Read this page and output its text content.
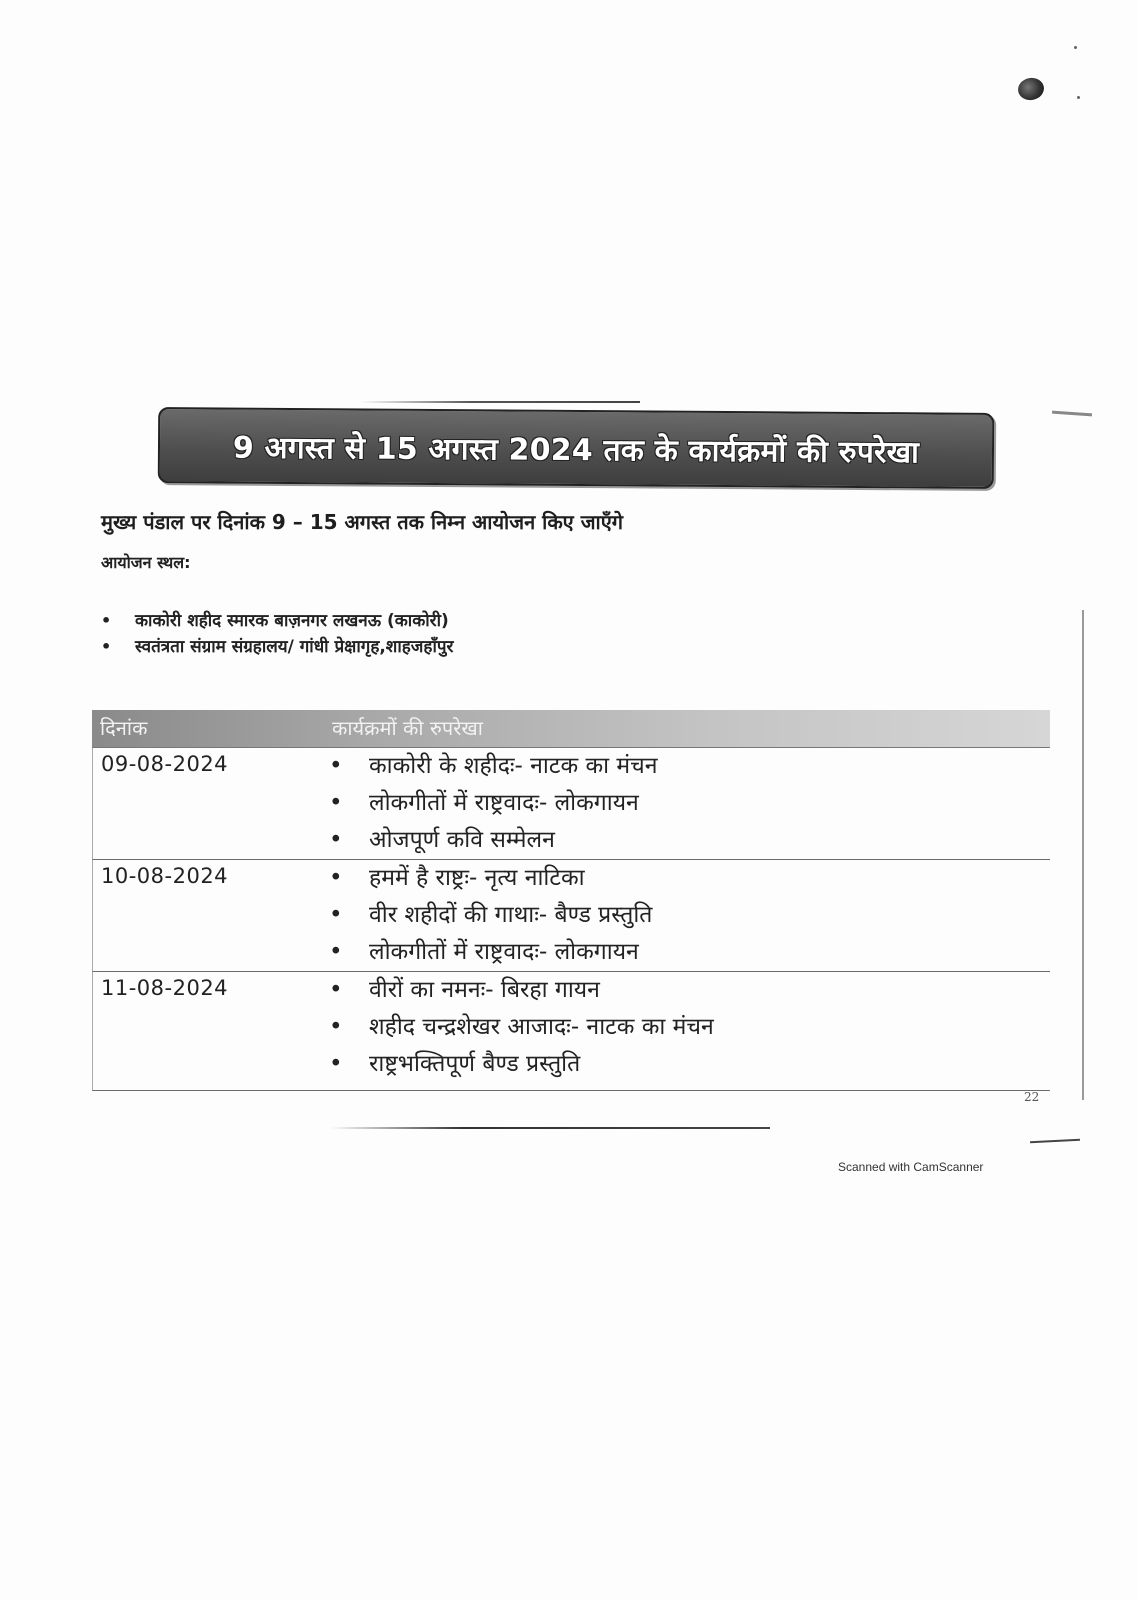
9 अगस्त से 15 अगस्त 2024 तक के कार्यक्रमों की रुपरेखा
मुख्य पंडाल पर दिनांक 9 – 15 अगस्त तक निम्न आयोजन किए जाएँगे
आयोजन स्थल:
• काकोरी शहीद स्मारक बाज़नगर लखनऊ (काकोरी)
• स्वतंत्रता संग्राम संग्रहालय/ गांधी प्रेक्षागृह,शाहजहाँपुर
दिनांक	कार्यक्रमों की रुपरेखा
09-08-2024	• काकोरी के शहीदः- नाटक का मंचन
• लोकगीतों में राष्ट्रवादः- लोकगायन
• ओजपूर्ण कवि सम्मेलन
10-08-2024	• हममें है राष्ट्रः- नृत्य नाटिका
• वीर शहीदों की गाथाः- बैण्ड प्रस्तुति
• लोकगीतों में राष्ट्रवादः- लोकगायन
11-08-2024	• वीरों का नमनः- बिरहा गायन
• शहीद चन्द्रशेखर आजादः- नाटक का मंचन
• राष्ट्रभक्तिपूर्ण बैण्ड प्रस्तुति
22
Scanned with CamScanner
